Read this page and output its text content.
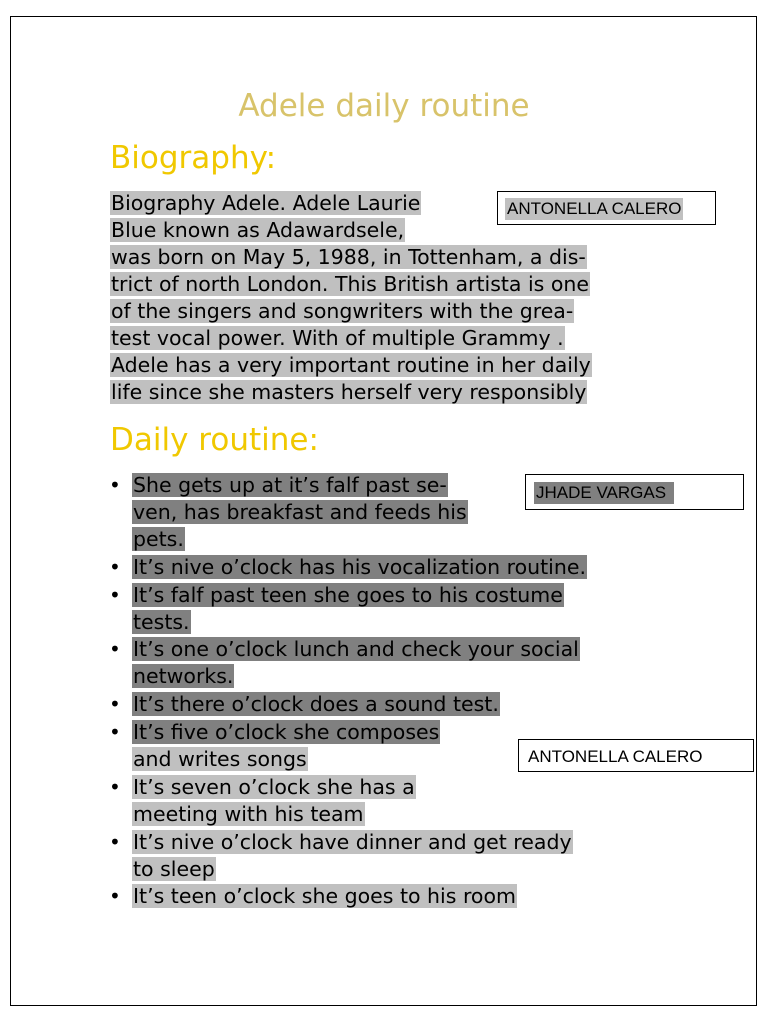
Adele daily routine
Biography:
Biography Adele. Adele Laurie
Blue known as Adawardsele,
was born on May 5, 1988, in Tottenham, a dis-
trict of north London. This British artista is one
of the singers and songwriters with the grea-
test vocal power. With of multiple Grammy .
Adele has a very important routine in her daily
life since she masters herself very responsibly
Daily routine:
• She gets up at it’s falf past se-
ven, has breakfast and feeds his
pets.
• It’s nive o’clock has his vocalization routine.
• It’s falf past teen she goes to his costume
tests.
• It’s one o’clock lunch and check your social
networks.
• It’s there o’clock does a sound test.
• It’s five o’clock she composes
and writes songs
• It’s seven o’clock she has a
meeting with his team
• It’s nive o’clock have dinner and get ready
to sleep
• It’s teen o’clock she goes to his room
ANTONELLA CALERO
JHADE VARGAS
ANTONELLA CALERO
